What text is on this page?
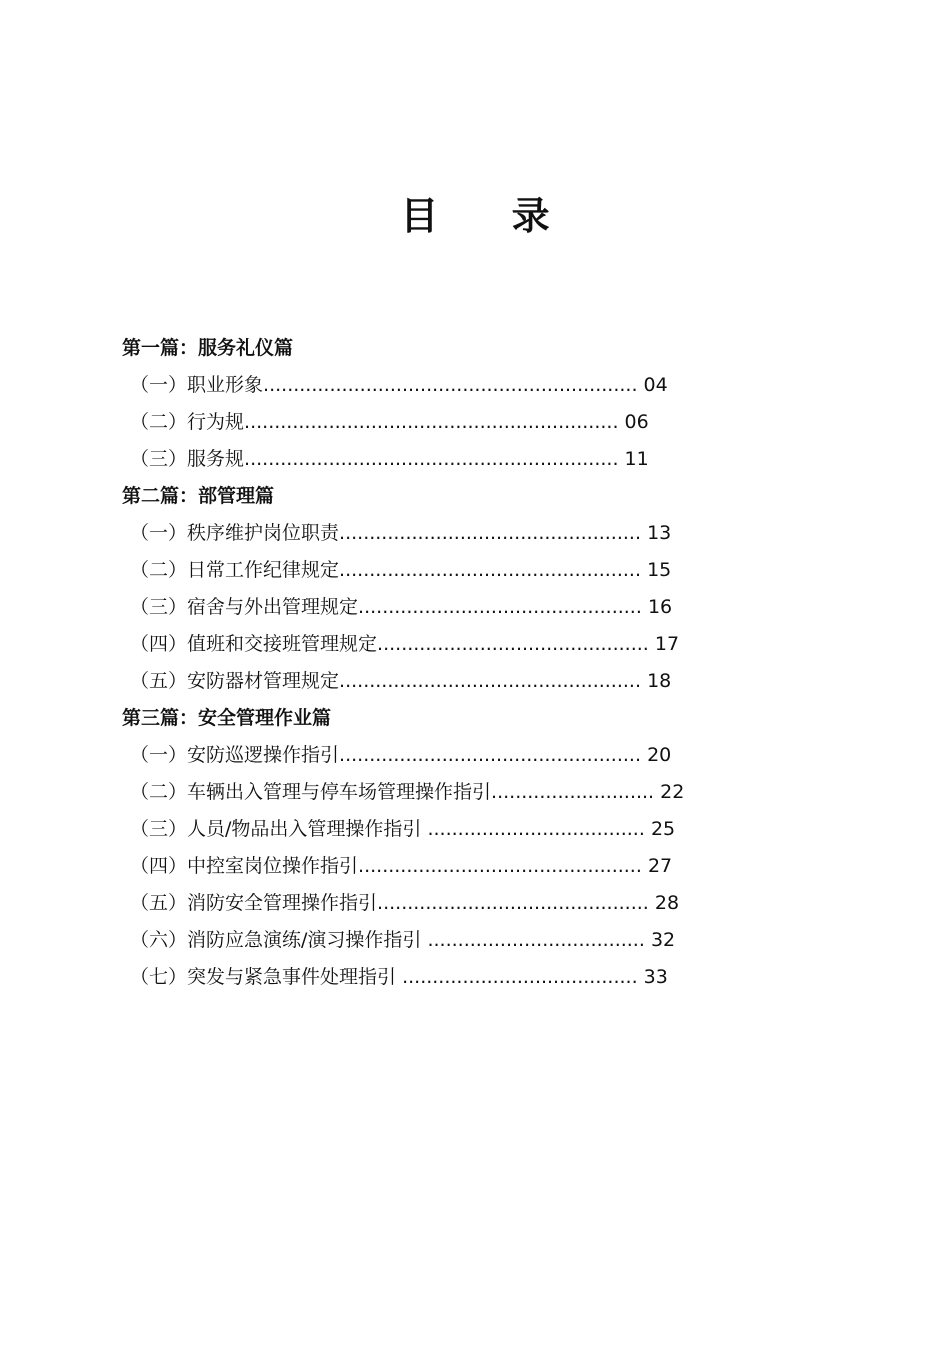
目 录
第一篇：服务礼仪篇
（一）职业形象.............................................................. 04
（二）行为规.............................................................. 06
（三）服务规.............................................................. 11
第二篇：部管理篇
（一）秩序维护岗位职责.................................................. 13
（二）日常工作纪律规定.................................................. 15
（三）宿舍与外出管理规定............................................... 16
（四）值班和交接班管理规定............................................. 17
（五）安防器材管理规定.................................................. 18
第三篇：安全管理作业篇
（一）安防巡逻操作指引.................................................. 20
（二）车辆出入管理与停车场管理操作指引........................... 22
（三）人员/物品出入管理操作指引 .................................... 25
（四）中控室岗位操作指引............................................... 27
（五）消防安全管理操作指引............................................. 28
（六）消防应急演练/演习操作指引 .................................... 32
（七）突发与紧急事件处理指引 ....................................... 33
